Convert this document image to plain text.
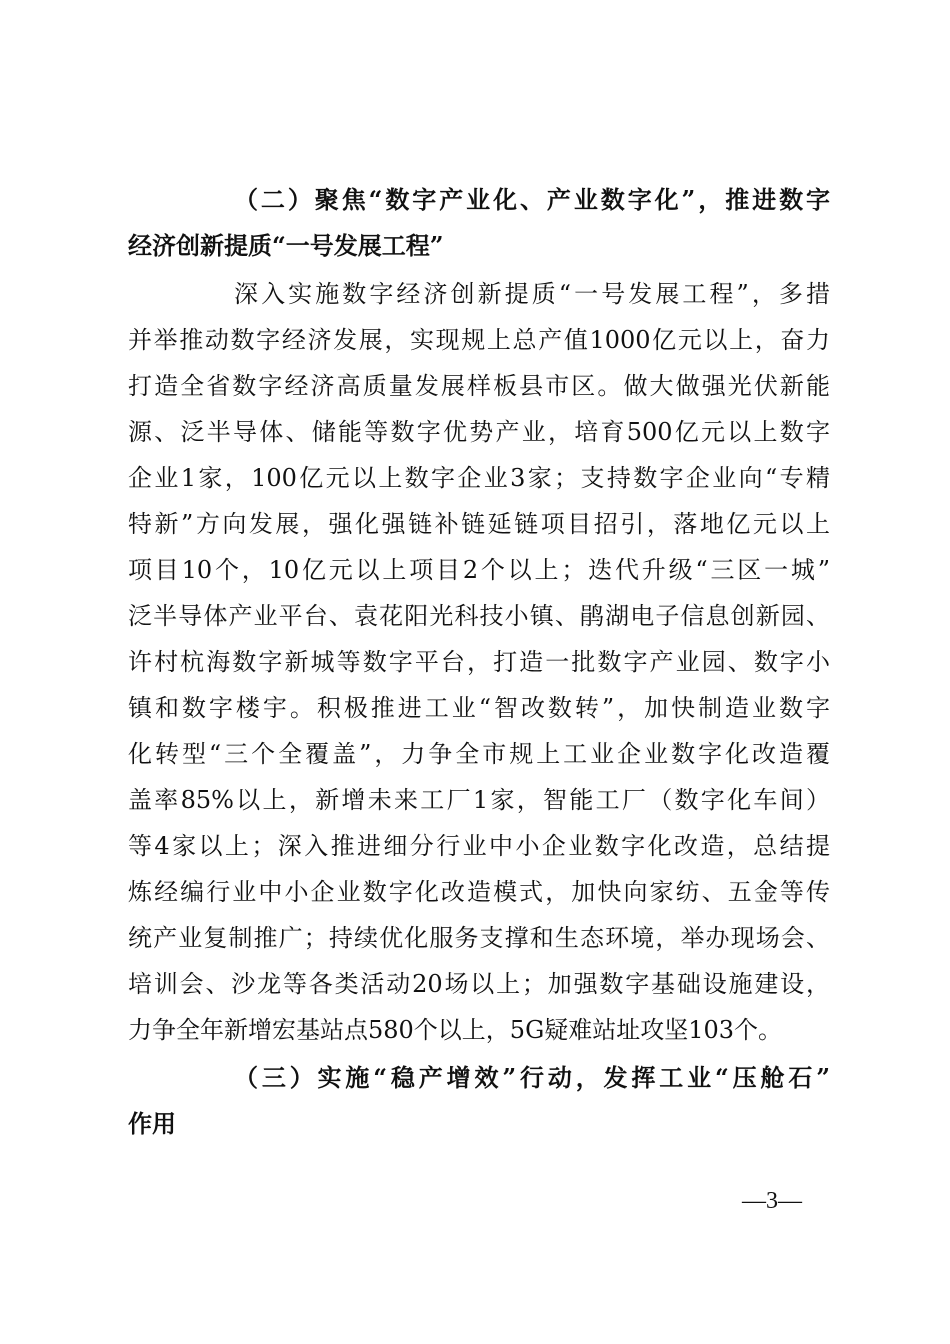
（二）聚焦“数字产业化、产业数字化”，推进数字
经济创新提质“一号发展工程”
深入实施数字经济创新提质“一号发展工程”，多措
并举推动数字经济发展，实现规上总产值1000亿元以上，奋力
打造全省数字经济高质量发展样板县市区。做大做强光伏新能
源、泛半导体、储能等数字优势产业，培育500亿元以上数字
企业1家，100亿元以上数字企业3家；支持数字企业向“专精
特新”方向发展，强化强链补链延链项目招引，落地亿元以上
项目10个，10亿元以上项目2个以上；迭代升级“三区一城”
泛半导体产业平台、袁花阳光科技小镇、鹃湖电子信息创新园、
许村杭海数字新城等数字平台，打造一批数字产业园、数字小
镇和数字楼宇。积极推进工业“智改数转”，加快制造业数字
化转型“三个全覆盖”，力争全市规上工业企业数字化改造覆
盖率85%以上，新增未来工厂1家，智能工厂（数字化车间）
等4家以上；深入推进细分行业中小企业数字化改造，总结提
炼经编行业中小企业数字化改造模式，加快向家纺、五金等传
统产业复制推广；持续优化服务支撑和生态环境，举办现场会、
培训会、沙龙等各类活动20场以上；加强数字基础设施建设，
力争全年新增宏基站点580个以上，5G疑难站址攻坚103个。
（三）实施“稳产增效”行动，发挥工业“压舱石”
作用
—3—
